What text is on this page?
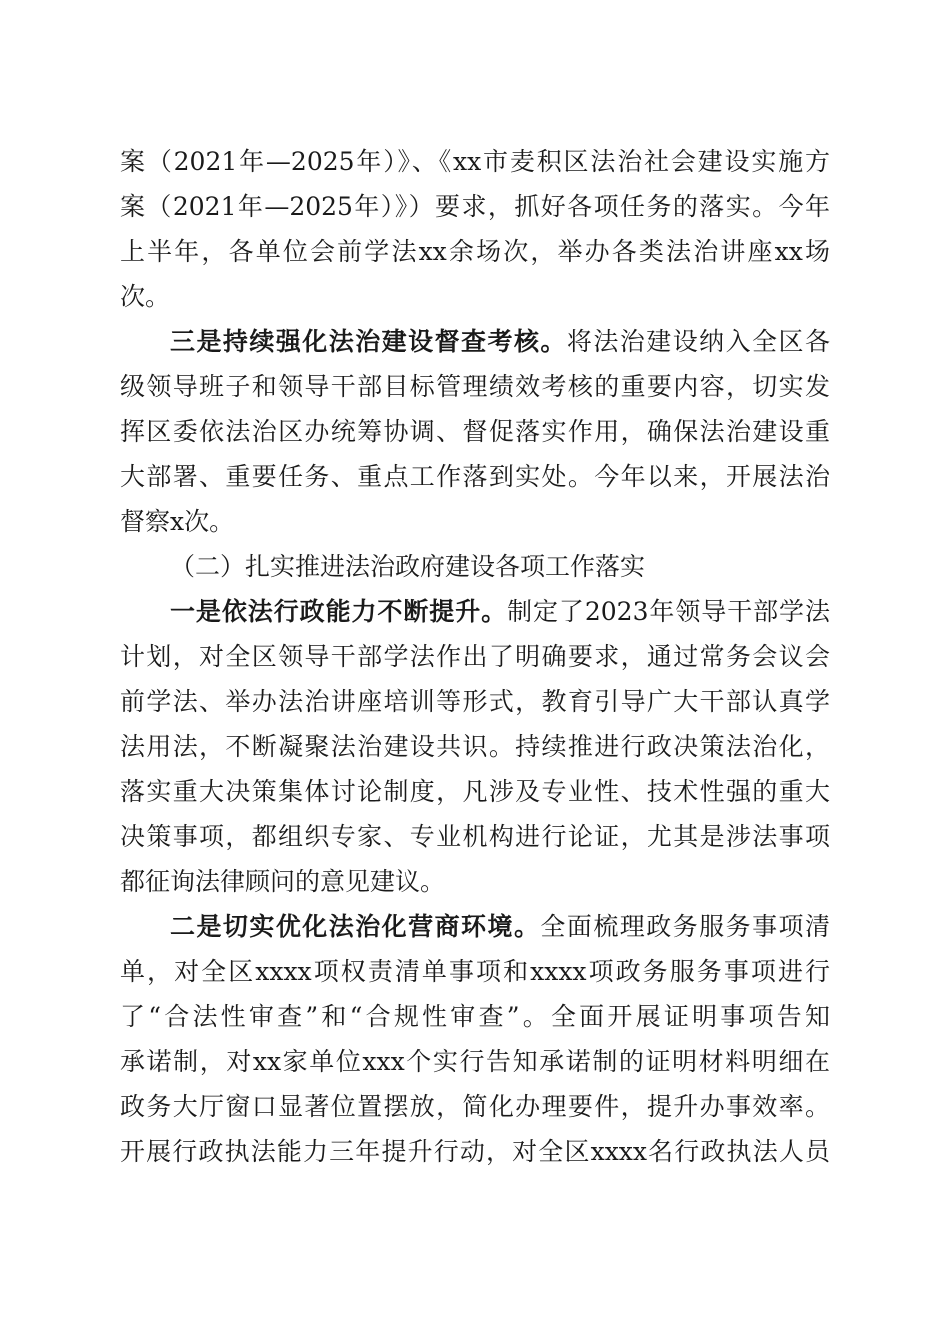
案（2021年—2025年）》、《xx市麦积区法治社会建设实施方
案（2021年—2025年）》）要求，抓好各项任务的落实。今年
上半年，各单位会前学法xx余场次，举办各类法治讲座xx场
次。
三是持续强化法治建设督查考核。将法治建设纳入全区各
级领导班子和领导干部目标管理绩效考核的重要内容，切实发
挥区委依法治区办统筹协调、督促落实作用，确保法治建设重
大部署、重要任务、重点工作落到实处。今年以来，开展法治
督察x次。
（二）扎实推进法治政府建设各项工作落实
一是依法行政能力不断提升。制定了2023年领导干部学法
计划，对全区领导干部学法作出了明确要求，通过常务会议会
前学法、举办法治讲座培训等形式，教育引导广大干部认真学
法用法，不断凝聚法治建设共识。持续推进行政决策法治化，
落实重大决策集体讨论制度，凡涉及专业性、技术性强的重大
决策事项，都组织专家、专业机构进行论证，尤其是涉法事项
都征询法律顾问的意见建议。
二是切实优化法治化营商环境。全面梳理政务服务事项清
单，对全区xxxx项权责清单事项和xxxx项政务服务事项进行
了“合法性审查”和“合规性审查”。全面开展证明事项告知
承诺制，对xx家单位xxx个实行告知承诺制的证明材料明细在
政务大厅窗口显著位置摆放，简化办理要件，提升办事效率。
开展行政执法能力三年提升行动，对全区xxxx名行政执法人员
